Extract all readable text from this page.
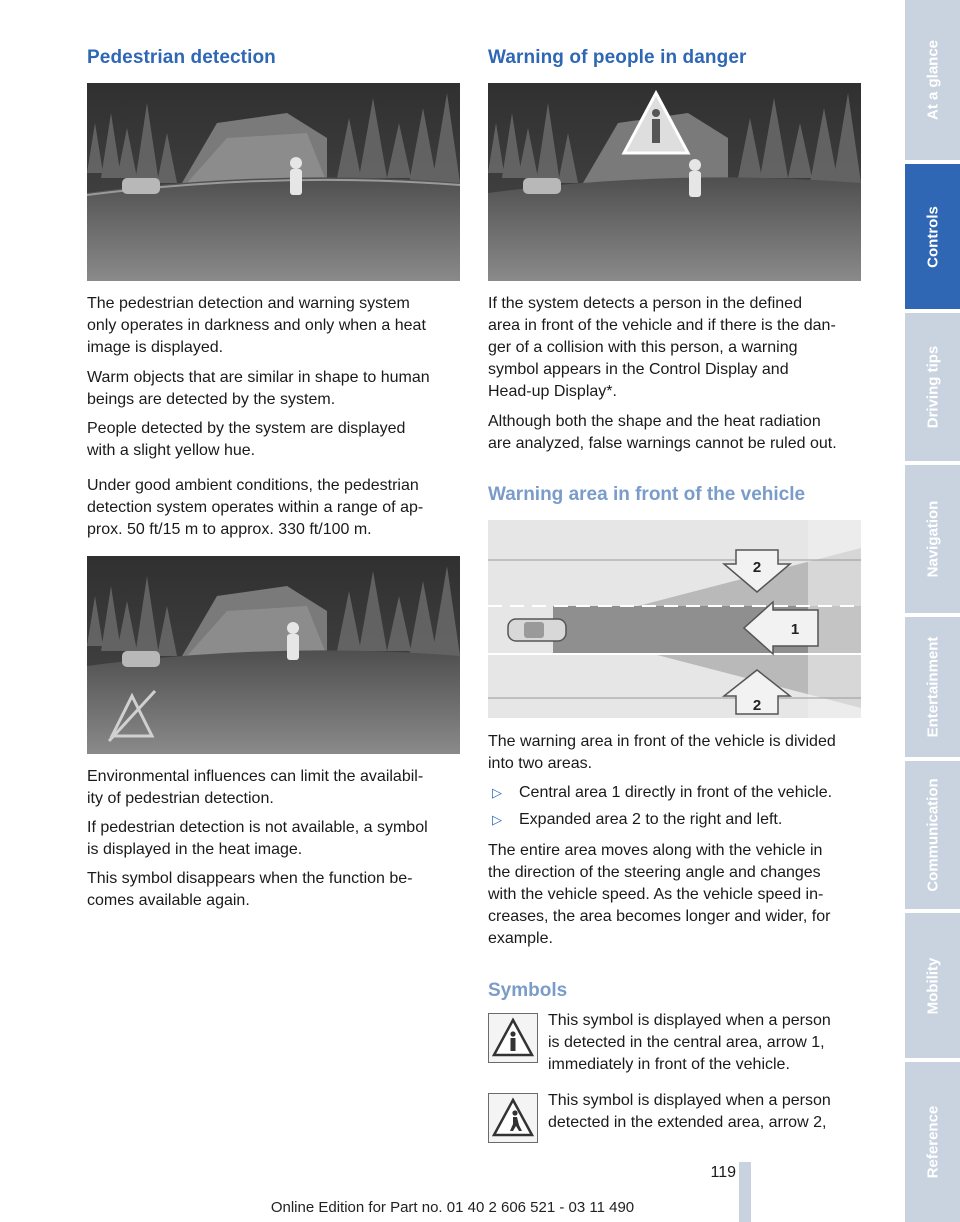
Pedestrian detection

The pedestrian detection and warning system
only operates in darkness and only when a heat
image is displayed.

Warm objects that are similar in shape to human
beings are detected by the system.

People detected by the system are displayed
with a slight yellow hue.

Under good ambient conditions, the pedestrian
detection system operates within a range of ap-
prox. 50 ft/15 m to approx. 330 ft/100 m.

Environmental influences can limit the availabil-
ity of pedestrian detection.

If pedestrian detection is not available, a symbol
is displayed in the heat image.

This symbol disappears when the function be-
comes available again.

Warning of people in danger

If the system detects a person in the defined
area in front of the vehicle and if there is the dan-
ger of a collision with this person, a warning
symbol appears in the Control Display and
Head-up Display*.

Although both the shape and the heat radiation
are analyzed, false warnings cannot be ruled out.

Warning area in front of the vehicle
2
1
2

The warning area in front of the vehicle is divided
into two areas.

▷ Central area 1 directly in front of the vehicle.
▷ Expanded area 2 to the right and left.

The entire area moves along with the vehicle in
the direction of the steering angle and changes
with the vehicle speed. As the vehicle speed in-
creases, the area becomes longer and wider, for
example.

Symbols

This symbol is displayed when a person
is detected in the central area, arrow 1,
immediately in front of the vehicle.

This symbol is displayed when a person
detected in the extended area, arrow 2,

At a glance
Controls
Driving tips
Navigation
Entertainment
Communication
Mobility
Reference
119
Online Edition for Part no. 01 40 2 606 521 - 03 11 490
